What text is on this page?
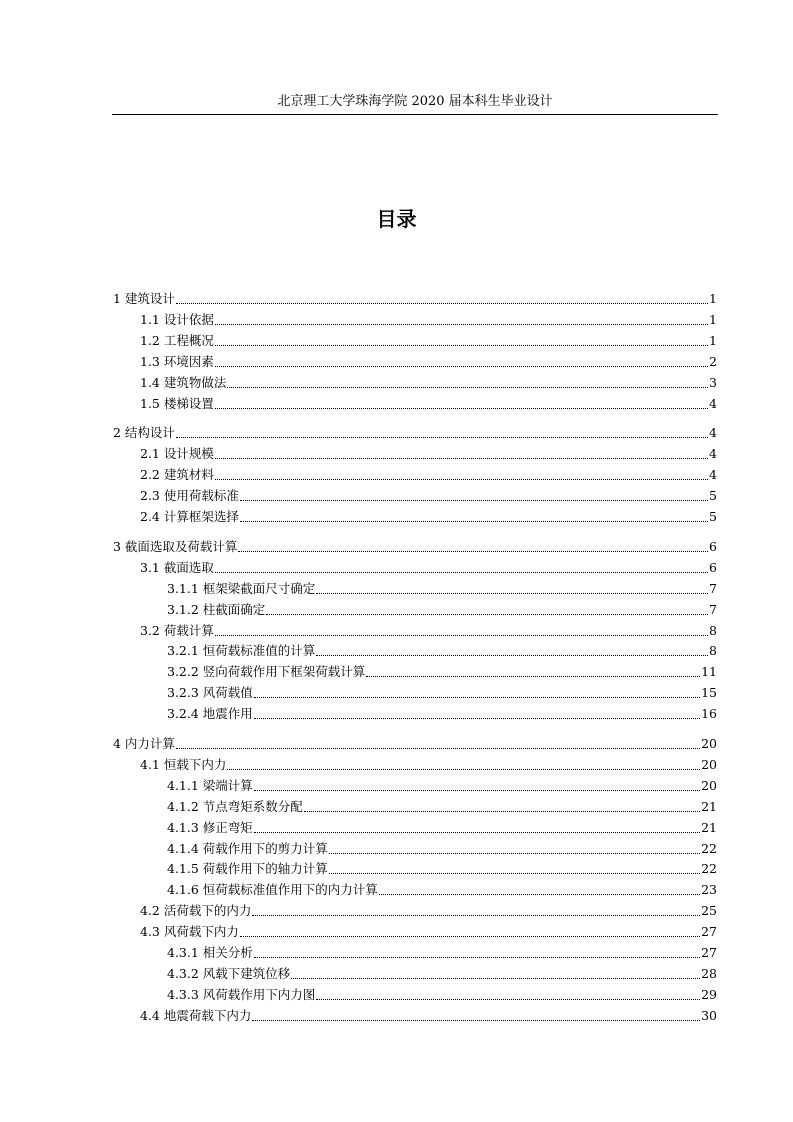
北京理工大学珠海学院 2020 届本科生毕业设计
目录
1 建筑设计	1
1.1 设计依据	1
1.2 工程概况	1
1.3 环境因素	2
1.4 建筑物做法	3
1.5 楼梯设置	4
2 结构设计	4
2.1 设计规模	4
2.2 建筑材料	4
2.3 使用荷载标准	5
2.4 计算框架选择	5
3 截面选取及荷载计算	6
3.1 截面选取	6
3.1.1 框架梁截面尺寸确定	7
3.1.2 柱截面确定	7
3.2 荷载计算	8
3.2.1 恒荷载标准值的计算	8
3.2.2 竖向荷载作用下框架荷载计算	11
3.2.3 风荷载值	15
3.2.4 地震作用	16
4 内力计算	20
4.1 恒载下内力	20
4.1.1 梁端计算	20
4.1.2 节点弯矩系数分配	21
4.1.3 修正弯矩	21
4.1.4 荷载作用下的剪力计算	22
4.1.5 荷载作用下的轴力计算	22
4.1.6 恒荷载标准值作用下的内力计算	23
4.2 活荷载下的内力	25
4.3 风荷载下内力	27
4.3.1 相关分析	27
4.3.2 风载下建筑位移	28
4.3.3 风荷载作用下内力图	29
4.4 地震荷载下内力	30
